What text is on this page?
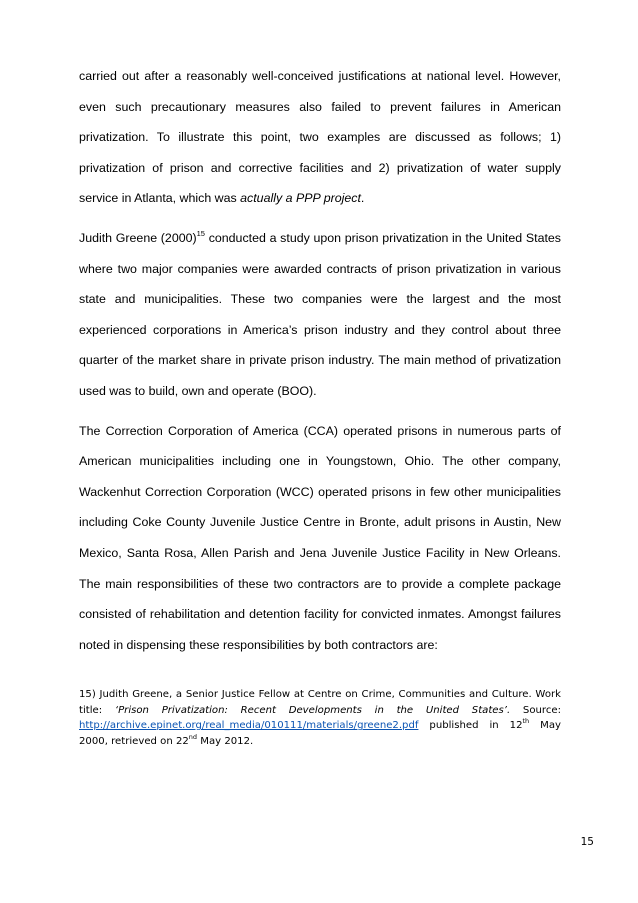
carried out after a reasonably well-conceived justifications at national level. However, even such precautionary measures also failed to prevent failures in American privatization. To illustrate this point, two examples are discussed as follows; 1) privatization of prison and corrective facilities and 2) privatization of water supply service in Atlanta, which was actually a PPP project.

Judith Greene $(2000)^{15}$ conducted a study upon prison privatization in the United States where two major companies were awarded contracts of prison privatization in various state and municipalities. These two companies were the largest and the most experienced corporations in America’s prison industry and they control about three quarter of the market share in private prison industry. The main method of privatization used was to build, own and operate (BOO).

The Correction Corporation of America (CCA) operated prisons in numerous parts of American municipalities including one in Youngstown, Ohio. The other company, Wackenhut Correction Corporation (WCC) operated prisons in few other municipalities including Coke County Juvenile Justice Centre in Bronte, adult prisons in Austin, New Mexico, Santa Rosa, Allen Parish and Jena Juvenile Justice Facility in New Orleans. The main responsibilities of these two contractors are to provide a complete package consisted of rehabilitation and detention facility for convicted inmates. Amongst failures noted in dispensing these responsibilities by both contractors are:

15) Judith Greene, a Senior Justice Fellow at Centre on Crime, Communities and Culture. Work title: ‘Prison Privatization: Recent Developments in the United States’. Source: http://archive.epinet.org/real_media/010111/materials/greene2.pdf published in 12th May 2000, retrieved on 22nd May 2012.

15
